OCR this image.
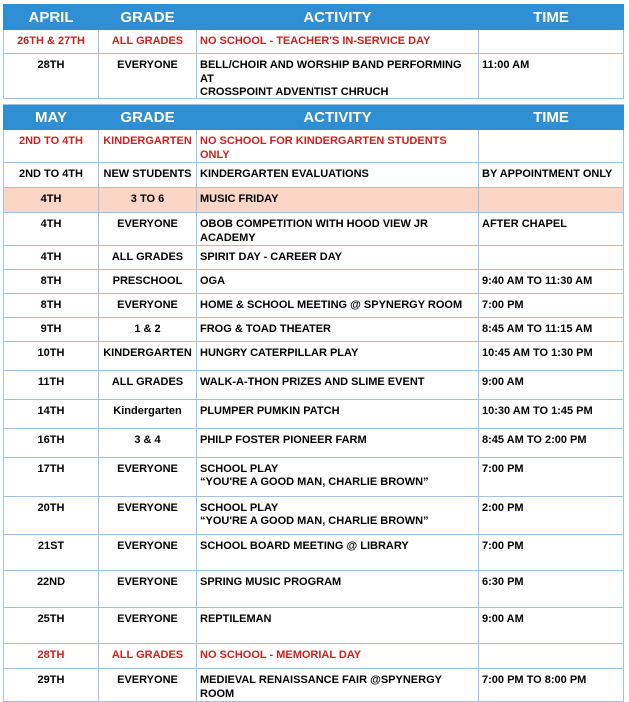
APRIL	GRADE	ACTIVITY	TIME

26TH & 27TH	ALL GRADES	NO SCHOOL - TEACHER'S IN-SERVICE DAY	

28TH	EVERYONE	BELL/CHOIR AND WORSHIP BAND PERFORMING AT
CROSSPOINT ADVENTIST CHRUCH	11:00 AM

MAY	GRADE	ACTIVITY	TIME

2ND TO 4TH	KINDERGARTEN	NO SCHOOL FOR KINDERGARTEN STUDENTS ONLY	

2ND TO 4TH	NEW STUDENTS	KINDERGARTEN EVALUATIONS	BY APPOINTMENT ONLY

4TH	3 TO 6	MUSIC FRIDAY	

4TH	EVERYONE	OBOB COMPETITION WITH HOOD VIEW JR ACADEMY	AFTER CHAPEL

4TH	ALL GRADES	SPIRIT DAY - CAREER DAY	

8TH	PRESCHOOL	OGA	9:40 AM TO 11:30 AM

8TH	EVERYONE	HOME & SCHOOL MEETING @ SPYNERGY ROOM	7:00 PM

9TH	1 & 2	FROG & TOAD THEATER	8:45 AM TO 11:15 AM

10TH	KINDERGARTEN	HUNGRY CATERPILLAR PLAY	10:45 AM TO 1:30 PM

11TH	ALL GRADES	WALK-A-THON PRIZES AND SLIME EVENT	9:00 AM

14TH	Kindergarten	PLUMPER PUMKIN PATCH	10:30 AM TO 1:45 PM

16TH	3 & 4	PHILP FOSTER PIONEER FARM	8:45 AM TO 2:00 PM

17TH	EVERYONE	SCHOOL PLAY
“YOU'RE A GOOD MAN, CHARLIE BROWN”	7:00 PM

20TH	EVERYONE	SCHOOL PLAY
“YOU'RE A GOOD MAN, CHARLIE BROWN”	2:00 PM

21ST	EVERYONE	SCHOOL BOARD MEETING @ LIBRARY	7:00 PM

22ND	EVERYONE	SPRING MUSIC PROGRAM	6:30 PM

25TH	EVERYONE	REPTILEMAN	9:00 AM

28TH	ALL GRADES	NO SCHOOL - MEMORIAL DAY	

29TH	EVERYONE	MEDIEVAL RENAISSANCE FAIR @SPYNERGY ROOM	7:00 PM TO 8:00 PM
